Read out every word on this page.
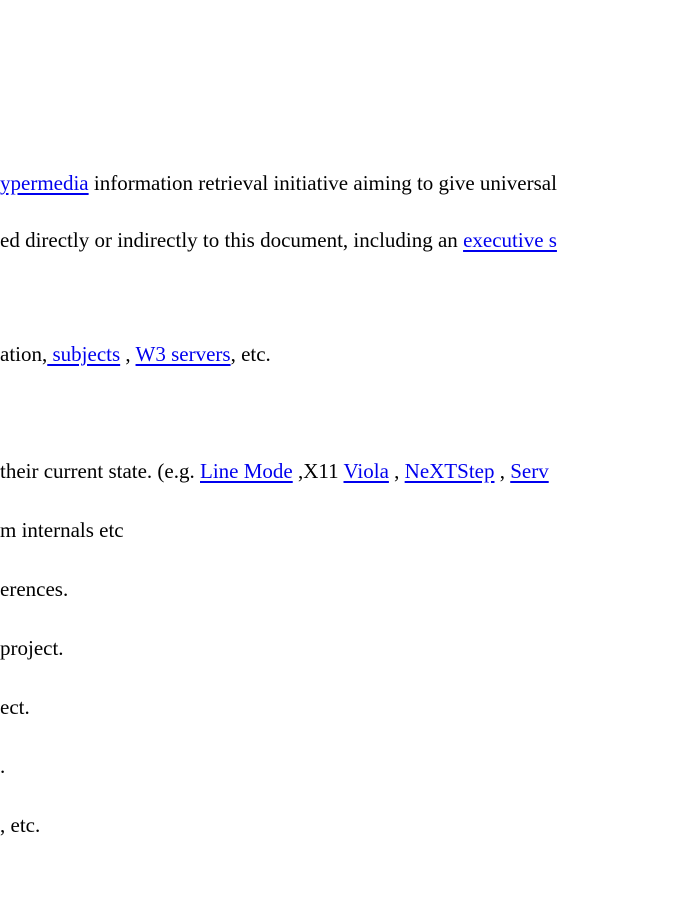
ypermedia information retrieval initiative aiming to give universal
ed directly or indirectly to this document, including an executive s
ation, subjects , W3 servers, etc.
their current state. (e.g. Line Mode ,X11 Viola , NeXTStep , Serv
m internals etc
erences.
project.
ect.
.
, etc.
